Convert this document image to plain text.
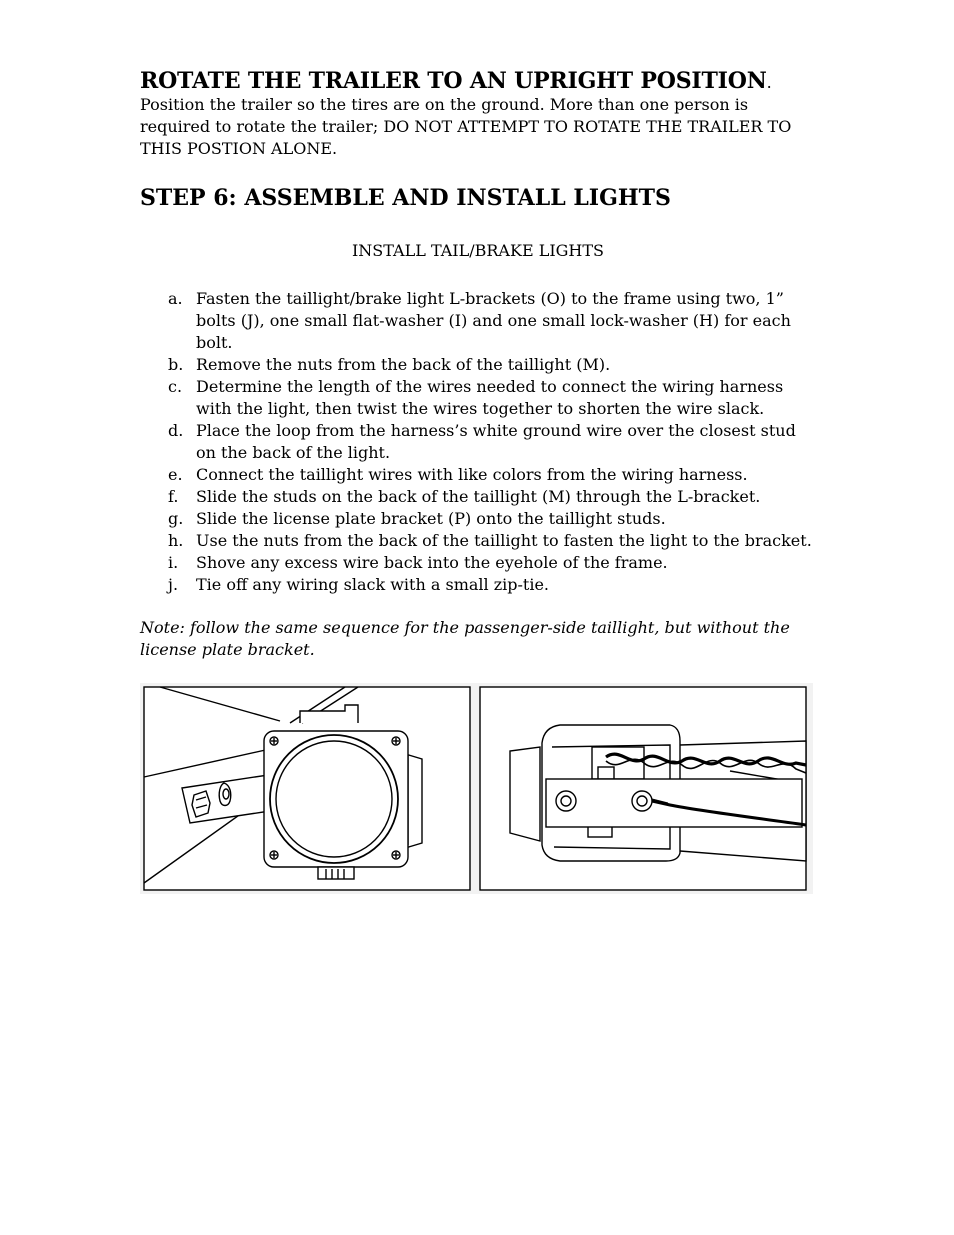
ROTATE THE TRAILER TO AN UPRIGHT POSITION. Position the trailer so the tires are on the ground. More than one person is required to rotate the trailer; DO NOT ATTEMPT TO ROTATE THE TRAILER TO THIS POSTION ALONE.
STEP 6: ASSEMBLE AND INSTALL LIGHTS
INSTALL TAIL/BRAKE LIGHTS
a. Fasten the taillight/brake light L-brackets (O) to the frame using two, 1” bolts (J), one small flat-washer (I) and one small lock-washer (H) for each bolt.
b. Remove the nuts from the back of the taillight (M).
c. Determine the length of the wires needed to connect the wiring harness with the light, then twist the wires together to shorten the wire slack.
d. Place the loop from the harness’s white ground wire over the closest stud on the back of the light.
e. Connect the taillight wires with like colors from the wiring harness.
f. Slide the studs on the back of the taillight (M) through the L-bracket.
g. Slide the license plate bracket (P) onto the taillight studs.
h. Use the nuts from the back of the taillight to fasten the light to the bracket.
i. Shove any excess wire back into the eyehole of the frame.
j. Tie off any wiring slack with a small zip-tie.
Note: follow the same sequence for the passenger-side taillight, but without the license plate bracket.
